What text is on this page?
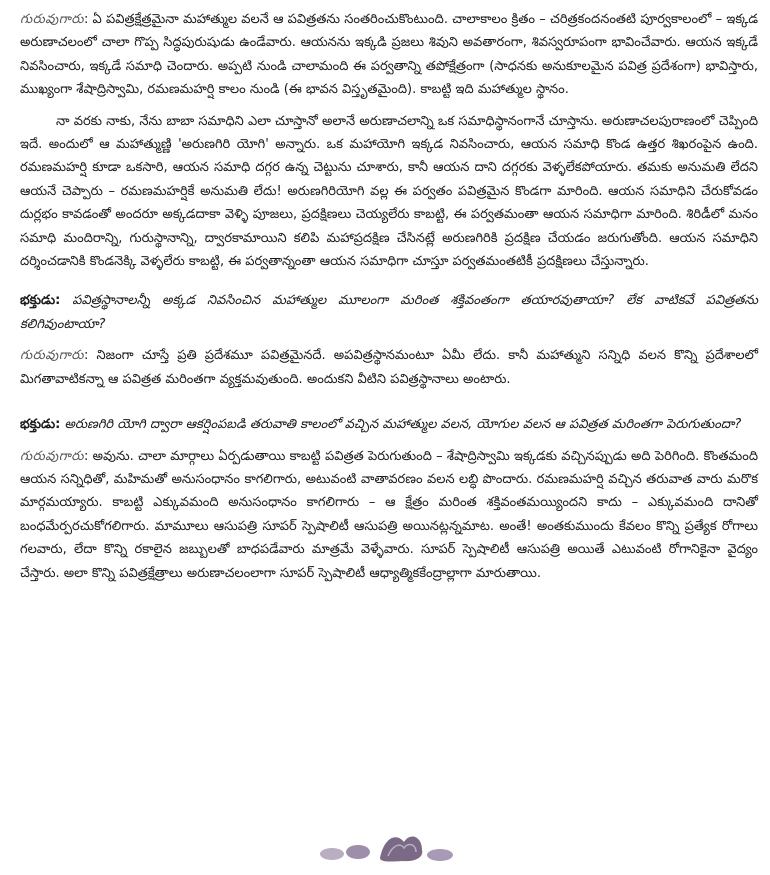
గురువుగారు: ఏ పవిత్రక్షేత్రమైనా మహాత్ముల వలనే ఆ పవిత్రతను సంతరించుకొంటుంది. చాలాకాలం క్రితం – చరిత్రకందనంతటి పూర్వకాలంలో – ఇక్కడ అరుణాచలంలో చాలా గొప్ప సిద్ధపురుషుడు ఉండేవారు. ఆయనను ఇక్కడి ప్రజలు శివుని అవతారంగా, శివస్వరూపంగా భావించేవారు. ఆయన ఇక్కడే నివసించారు, ఇక్కడే సమాధి చెందారు. అప్పటి నుండి చాలామంది ఈ పర్వతాన్ని తపోక్షేత్రంగా (సాధనకు అనుకూలమైన పవిత్ర ప్రదేశంగా) భావిస్తారు, ముఖ్యంగా శేషాద్రిస్వామి, రమణమహర్షి కాలం నుండి (ఈ భావన విస్తృతమైంది). కాబట్టి ఇది మహాత్ముల స్థానం.

నా వరకు నాకు, నేను బాబా సమాధిని ఎలా చూస్తానో అలానే అరుణాచలాన్ని ఒక సమాధిస్థానంగానే చూస్తాను. అరుణాచలపురాణంలో చెప్పింది ఇదే. అందులో ఆ మహాత్ముణ్ణి 'అరుణగిరి యోగి' అన్నారు. ఒక మహాయోగి ఇక్కడ నివసించారు, ఆయన సమాధి కొండ ఉత్తర శిఖరంపైన ఉంది. రమణమహర్షి కూడా ఒకసారి, ఆయన సమాధి దగ్గర ఉన్న చెట్టును చూశారు, కానీ ఆయన దాని దగ్గరకు వెళ్ళలేకపోయారు. తమకు అనుమతి లేదని ఆయనే చెప్పారు – రమణమహర్షికే అనుమతి లేదు! అరుణగిరియోగి వల్ల ఈ పర్వతం పవిత్రమైన కొండగా మారింది. ఆయన సమాధిని చేరుకోవడం దుర్లభం కావడంతో అందరూ అక్కడదాకా వెళ్ళి పూజలు, ప్రదక్షిణలు చెయ్యలేరు కాబట్టి, ఈ పర్వతమంతా ఆయన సమాధిగా మారింది. శిరిడీలో మనం సమాధి మందిరాన్ని, గురుస్థానాన్ని, ద్వారకామాయిని కలిపి మహాప్రదక్షిణ చేసినట్లే అరుణగిరికి ప్రదక్షిణ చేయడం జరుగుతోంది. ఆయన సమాధిని దర్శించడానికి కొండనెక్కి వెళ్ళలేరు కాబట్టి, ఈ పర్వతాన్నంతా ఆయన సమాధిగా చూస్తూ పర్వతమంతటికీ ప్రదక్షిణలు చేస్తున్నారు.

భక్తుడు: పవిత్రస్థానాలన్నీ అక్కడ నివసించిన మహాత్ముల మూలంగా మరింత శక్తివంతంగా తయారవుతాయా? లేక వాటికవే పవిత్రతను కలిగివుంటాయా?

గురువుగారు: నిజంగా చూస్తే ప్రతి ప్రదేశమూ పవిత్రమైనదే. అపవిత్రస్థానమంటూ ఏమీ లేదు. కానీ మహాత్ముని సన్నిధి వలన కొన్ని ప్రదేశాలలో మిగతావాటికన్నా ఆ పవిత్రత మరింతగా వ్యక్తమవుతుంది. అందుకని వీటిని పవిత్రస్థానాలు అంటారు.

భక్తుడు: అరుణగిరి యోగి ద్వారా ఆకర్షింపబడి తరువాతి కాలంలో వచ్చిన మహాత్ముల వలన, యోగుల వలన ఆ పవిత్రత మరింతగా పెరుగుతుందా?

గురువుగారు: అవును. చాలా మార్గాలు ఏర్పడుతాయి కాబట్టి పవిత్రత పెరుగుతుంది – శేషాద్రిస్వామి ఇక్కడకు వచ్చినప్పుడు అది పెరిగింది. కొంతమంది ఆయన సన్నిధితో, మహిమతో అనుసంధానం కాగలిగారు, అటువంటి వాతావరణం వలన లబ్ధి పొందారు. రమణమహర్షి వచ్చిన తరువాత వారు మరొక మార్గమయ్యారు. కాబట్టి ఎక్కువమంది అనుసంధానం కాగలిగారు – ఆ క్షేత్రం మరింత శక్తివంతమయ్యిందని కాదు – ఎక్కువమంది దానితో బంధమేర్పరచుకోగలిగారు. మామూలు ఆసుపత్రి సూపర్ స్పెషాలిటీ ఆసుపత్రి అయినట్లన్నమాట. అంతే! అంతకుముందు కేవలం కొన్ని ప్రత్యేక రోగాలు గలవారు, లేదా కొన్ని రకాలైన జబ్బులతో బాధపడేవారు మాత్రమే వెళ్ళేవారు. సూపర్ స్పెషాలిటీ ఆసుపత్రి అయితే ఎటువంటి రోగానికైనా వైద్యం చేస్తారు. అలా కొన్ని పవిత్రక్షేత్రాలు అరుణాచలంలాగా సూపర్ స్పెషాలిటీ ఆధ్యాత్మికకేంద్రాల్లాగా మారుతాయి.
